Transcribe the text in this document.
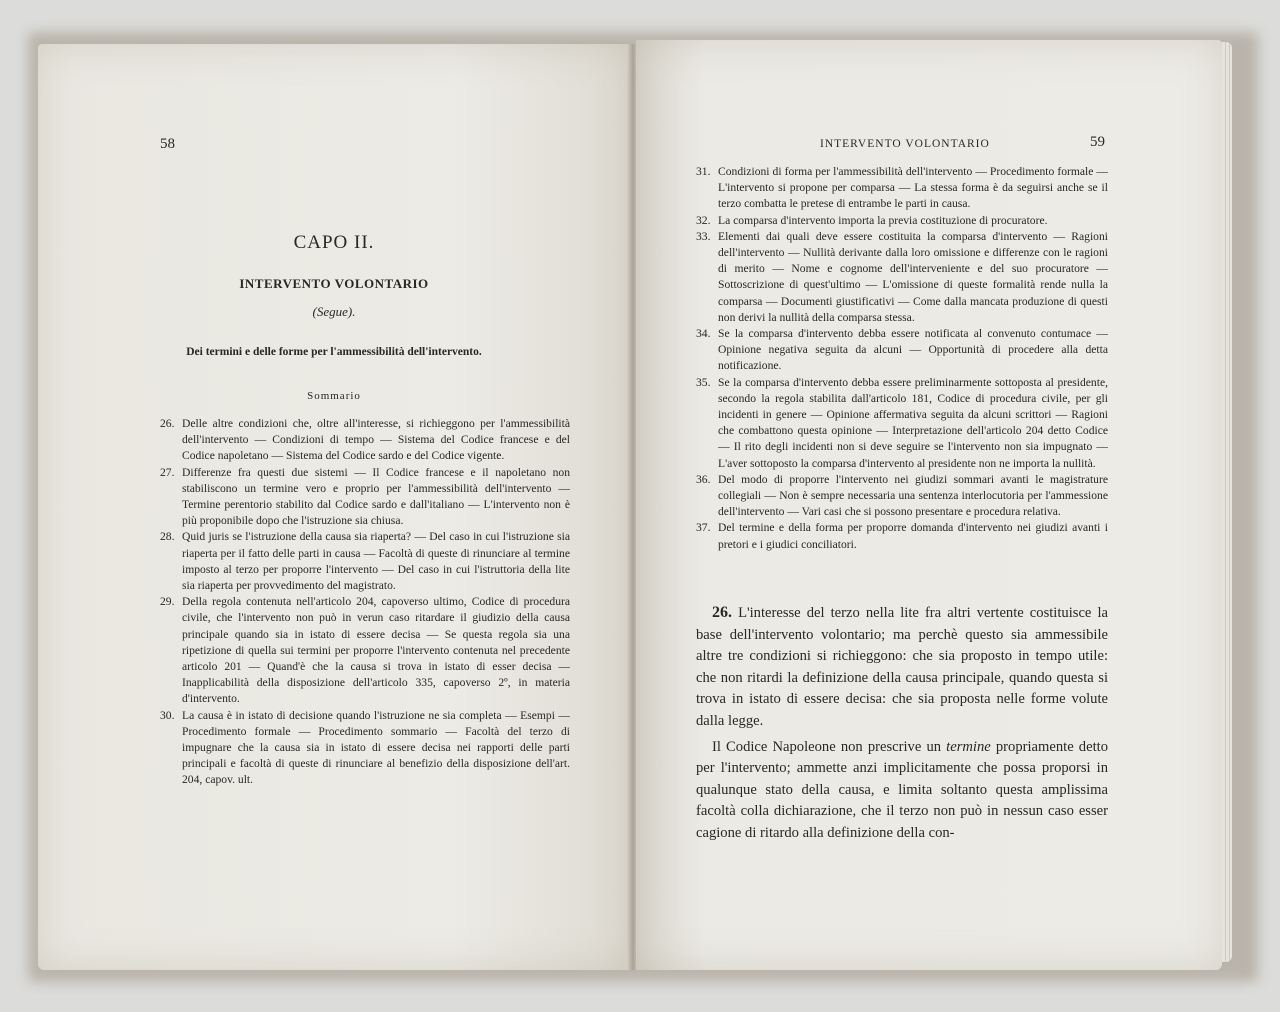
58
CAPO II.
INTERVENTO VOLONTARIO
(Segue).
Dei termini e delle forme per l'ammessibilità dell'intervento.
Sommario
26. Delle altre condizioni che, oltre all'interesse, si richieggono per l'ammessibilità dell'intervento — Condizioni di tempo — Sistema del Codice francese e del Codice napoletano — Sistema del Codice sardo e del Codice vigente.
27. Differenze fra questi due sistemi — Il Codice francese e il napoletano non stabiliscono un termine vero e proprio per l'ammessibilità dell'intervento — Termine perentorio stabilito dal Codice sardo e dall'italiano — L'intervento non è più proponibile dopo che l'istruzione sia chiusa.
28. Quid juris se l'istruzione della causa sia riaperta? — Del caso in cui l'istruzione sia riaperta per il fatto delle parti in causa — Facoltà di queste di rinunciare al termine imposto al terzo per proporre l'intervento — Del caso in cui l'istruttoria della lite sia riaperta per provvedimento del magistrato.
29. Della regola contenuta nell'articolo 204, capoverso ultimo, Codice di procedura civile, che l'intervento non può in verun caso ritardare il giudizio della causa principale quando sia in istato di essere decisa — Se questa regola sia una ripetizione di quella sui termini per proporre l'intervento contenuta nel precedente articolo 201 — Quand'è che la causa si trova in istato di esser decisa — Inapplicabilità della disposizione dell'articolo 335, capoverso 2º, in materia d'intervento.
30. La causa è in istato di decisione quando l'istruzione ne sia completa — Esempi — Procedimento formale — Procedimento sommario — Facoltà del terzo di impugnare che la causa sia in istato di essere decisa nei rapporti delle parti principali e facoltà di queste di rinunciare al benefizio della disposizione dell'art. 204, capov. ult.
INTERVENTO VOLONTARIO	59
31. Condizioni di forma per l'ammessibilità dell'intervento — Procedimento formale — L'intervento si propone per comparsa — La stessa forma è da seguirsi anche se il terzo combatta le pretese di entrambe le parti in causa.
32. La comparsa d'intervento importa la previa costituzione di procuratore.
33. Elementi dai quali deve essere costituita la comparsa d'intervento — Ragioni dell'intervento — Nullità derivante dalla loro omissione e differenze con le ragioni di merito — Nome e cognome dell'interveniente e del suo procuratore — Sottoscrizione di quest'ultimo — L'omissione di queste formalità rende nulla la comparsa — Documenti giustificativi — Come dalla mancata produzione di questi non derivi la nullità della comparsa stessa.
34. Se la comparsa d'intervento debba essere notificata al convenuto contumace — Opinione negativa seguita da alcuni — Opportunità di procedere alla detta notificazione.
35. Se la comparsa d'intervento debba essere preliminarmente sottoposta al presidente, secondo la regola stabilita dall'articolo 181, Codice di procedura civile, per gli incidenti in genere — Opinione affermativa seguita da alcuni scrittori — Ragioni che combattono questa opinione — Interpretazione dell'articolo 204 detto Codice — Il rito degli incidenti non si deve seguire se l'intervento non sia impugnato — L'aver sottoposto la comparsa d'intervento al presidente non ne importa la nullità.
36. Del modo di proporre l'intervento nei giudizi sommari avanti le magistrature collegiali — Non è sempre necessaria una sentenza interlocutoria per l'ammessione dell'intervento — Vari casi che si possono presentare e procedura relativa.
37. Del termine e della forma per proporre domanda d'intervento nei giudizi avanti i pretori e i giudici conciliatori.

26. L'interesse del terzo nella lite fra altri vertente costituisce la base dell'intervento volontario; ma perchè questo sia ammessibile altre tre condizioni si richieggono: che sia proposto in tempo utile: che non ritardi la definizione della causa principale, quando questa si trova in istato di essere decisa: che sia proposta nelle forme volute dalla legge.

Il Codice Napoleone non prescrive un termine propriamente detto per l'intervento; ammette anzi implicitamente che possa proporsi in qualunque stato della causa, e limita soltanto questa amplissima facoltà colla dichiarazione, che il terzo non può in nessun caso esser cagione di ritardo alla definizione della con-
